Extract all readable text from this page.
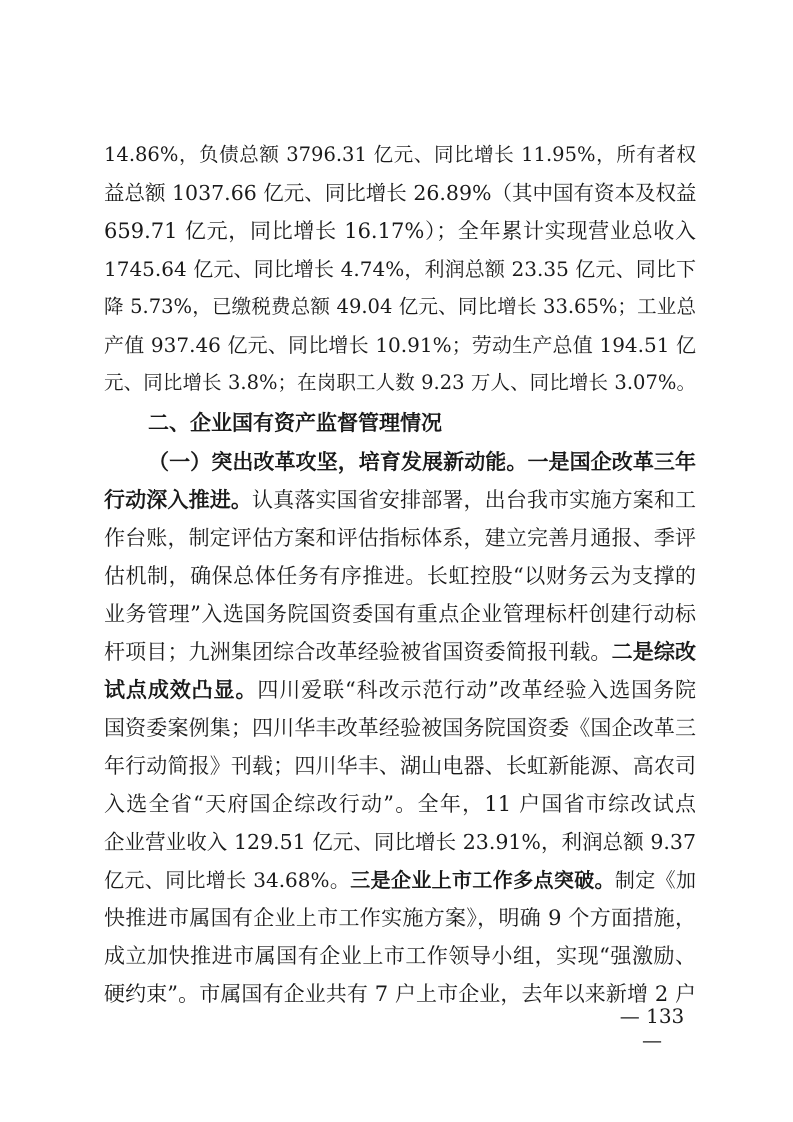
14.86%，负债总额 3796.31 亿元、同比增长 11.95%，所有者权
益总额 1037.66 亿元、同比增长 26.89%（其中国有资本及权益
659.71 亿元，同比增长 16.17%）；全年累计实现营业总收入
1745.64 亿元、同比增长 4.74%，利润总额 23.35 亿元、同比下
降 5.73%，已缴税费总额 49.04 亿元、同比增长 33.65%；工业总
产值 937.46 亿元、同比增长 10.91%；劳动生产总值 194.51 亿
元、同比增长 3.8%；在岗职工人数 9.23 万人、同比增长 3.07%。
二、企业国有资产监督管理情况
（一）突出改革攻坚，培育发展新动能。一是国企改革三年
行动深入推进。认真落实国省安排部署，出台我市实施方案和工
作台账，制定评估方案和评估指标体系，建立完善月通报、季评
估机制，确保总体任务有序推进。长虹控股“以财务云为支撑的
业务管理”入选国务院国资委国有重点企业管理标杆创建行动标
杆项目；九洲集团综合改革经验被省国资委简报刊载。二是综改
试点成效凸显。四川爱联“科改示范行动”改革经验入选国务院
国资委案例集；四川华丰改革经验被国务院国资委《国企改革三
年行动简报》刊载；四川华丰、湖山电器、长虹新能源、高农司
入选全省“天府国企综改行动”。全年，11 户国省市综改试点
企业营业收入 129.51 亿元、同比增长 23.91%，利润总额 9.37
亿元、同比增长 34.68%。三是企业上市工作多点突破。制定《加
快推进市属国有企业上市工作实施方案》，明确 9 个方面措施，
成立加快推进市属国有企业上市工作领导小组，实现“强激励、
硬约束”。市属国有企业共有 7 户上市企业，去年以来新增 2 户
— 133 —
